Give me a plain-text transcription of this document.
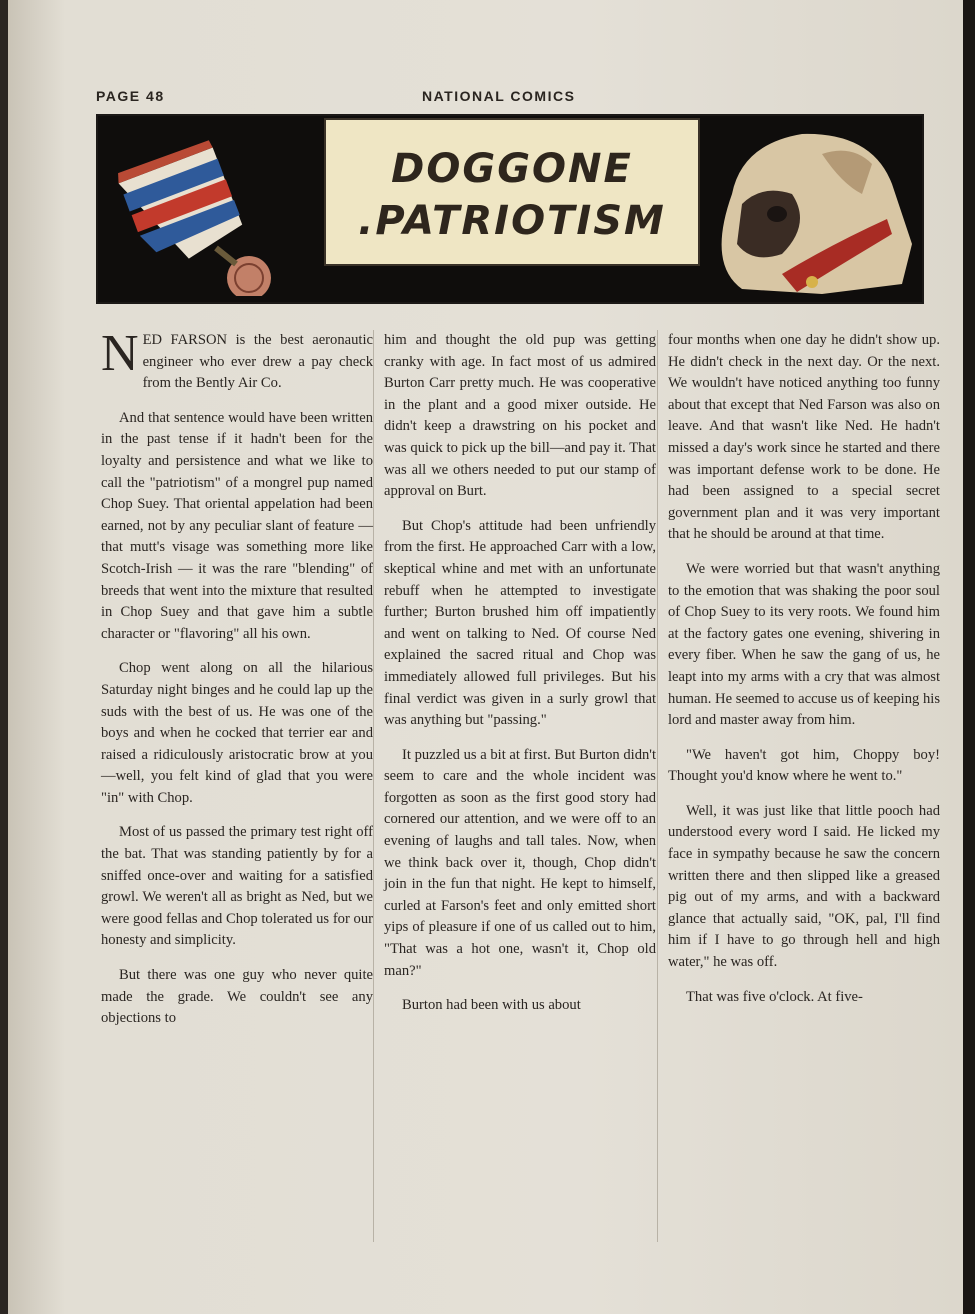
PAGE 48	NATIONAL COMICS
DOGGONE
.PATRIOTISM

NED FARSON is the best aeronautic engineer who ever drew a pay check from the Bently Air Co.

And that sentence would have been written in the past tense if it hadn't been for the loyalty and persistence and what we like to call the "patriotism" of a mongrel pup named Chop Suey. That oriental appelation had been earned, not by any peculiar slant of feature — that mutt's visage was something more like Scotch-Irish — it was the rare "blending" of breeds that went into the mixture that resulted in Chop Suey and that gave him a subtle character or "flavoring" all his own.

Chop went along on all the hilarious Saturday night binges and he could lap up the suds with the best of us. He was one of the boys and when he cocked that terrier ear and raised a ridiculously aristocratic brow at you—well, you felt kind of glad that you were "in" with Chop.

Most of us passed the primary test right off the bat. That was standing patiently by for a sniffed once-over and waiting for a satisfied growl. We weren't all as bright as Ned, but we were good fellas and Chop tolerated us for our honesty and simplicity.

But there was one guy who never quite made the grade. We couldn't see any objections to

him and thought the old pup was getting cranky with age. In fact most of us admired Burton Carr pretty much. He was cooperative in the plant and a good mixer outside. He didn't keep a drawstring on his pocket and was quick to pick up the bill—and pay it. That was all we others needed to put our stamp of approval on Burt.

But Chop's attitude had been unfriendly from the first. He approached Carr with a low, skeptical whine and met with an unfortunate rebuff when he attempted to investigate further; Burton brushed him off impatiently and went on talking to Ned. Of course Ned explained the sacred ritual and Chop was immediately allowed full privileges. But his final verdict was given in a surly growl that was anything but "passing."

It puzzled us a bit at first. But Burton didn't seem to care and the whole incident was forgotten as soon as the first good story had cornered our attention, and we were off to an evening of laughs and tall tales. Now, when we think back over it, though, Chop didn't join in the fun that night. He kept to himself, curled at Farson's feet and only emitted short yips of pleasure if one of us called out to him, "That was a hot one, wasn't it, Chop old man?"

Burton had been with us about

four months when one day he didn't show up. He didn't check in the next day. Or the next. We wouldn't have noticed anything too funny about that except that Ned Farson was also on leave. And that wasn't like Ned. He hadn't missed a day's work since he started and there was important defense work to be done. He had been assigned to a special secret government plan and it was very important that he should be around at that time.

We were worried but that wasn't anything to the emotion that was shaking the poor soul of Chop Suey to its very roots. We found him at the factory gates one evening, shivering in every fiber. When he saw the gang of us, he leapt into my arms with a cry that was almost human. He seemed to accuse us of keeping his lord and master away from him.

"We haven't got him, Choppy boy! Thought you'd know where he went to."

Well, it was just like that little pooch had understood every word I said. He licked my face in sympathy because he saw the concern written there and then slipped like a greased pig out of my arms, and with a backward glance that actually said, "OK, pal, I'll find him if I have to go through hell and high water," he was off.

That was five o'clock. At five-
